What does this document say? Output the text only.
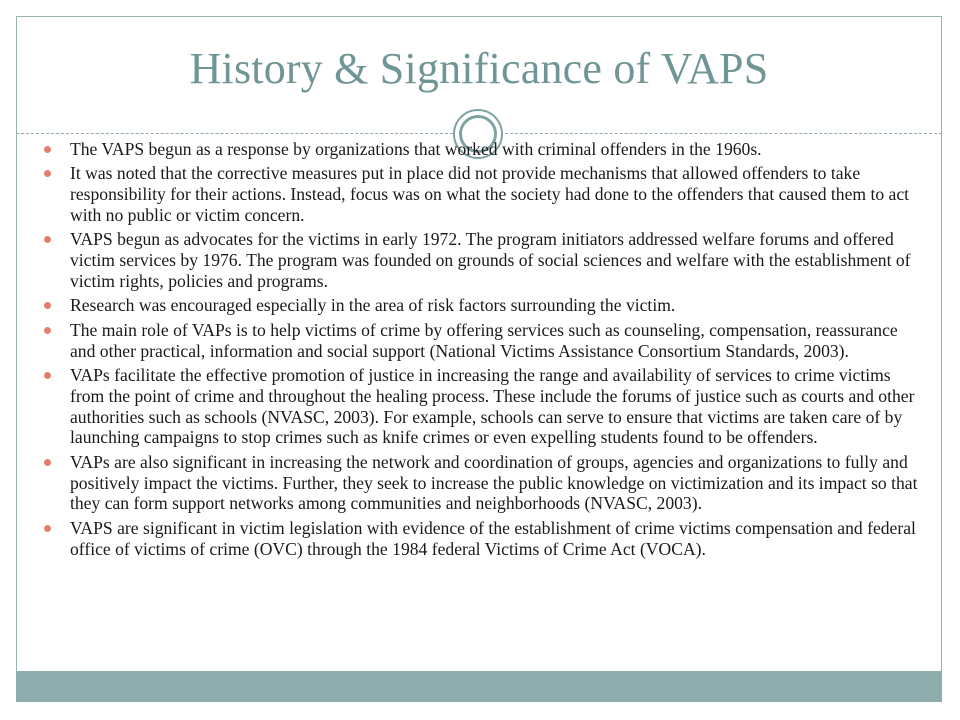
History & Significance of VAPS
The VAPS begun as a response by organizations that worked with criminal offenders in the 1960s.
It was noted that the corrective measures put in place did not provide mechanisms that allowed offenders to take responsibility for their actions. Instead, focus was on what the society had done to the offenders that caused them to act with no public or victim concern.
VAPS begun as advocates for the victims in early 1972. The program initiators addressed welfare forums and offered victim services by 1976. The program was founded on grounds of social sciences and welfare with the establishment of victim rights, policies and programs.
Research was encouraged especially in the area of risk factors surrounding the victim.
The main role of VAPs is to help victims of crime by offering services such as counseling, compensation, reassurance and other practical, information and social support (National Victims Assistance Consortium Standards, 2003).
VAPs facilitate the effective promotion of justice in increasing the range and availability of services to crime victims from the point of crime and throughout the healing process. These include the forums of justice such as courts and other authorities such as schools (NVASC, 2003). For example, schools can serve to ensure that victims are taken care of by launching campaigns to stop crimes such as knife crimes or even expelling students found to be offenders.
VAPs are also significant in increasing the network and coordination of groups, agencies and organizations to fully and positively impact the victims. Further, they seek to increase the public knowledge on victimization and its impact so that they can form support networks among communities and neighborhoods (NVASC, 2003).
VAPS are significant in victim legislation with evidence of the establishment of crime victims compensation and federal office of victims of crime (OVC) through the 1984 federal Victims of Crime Act (VOCA).
